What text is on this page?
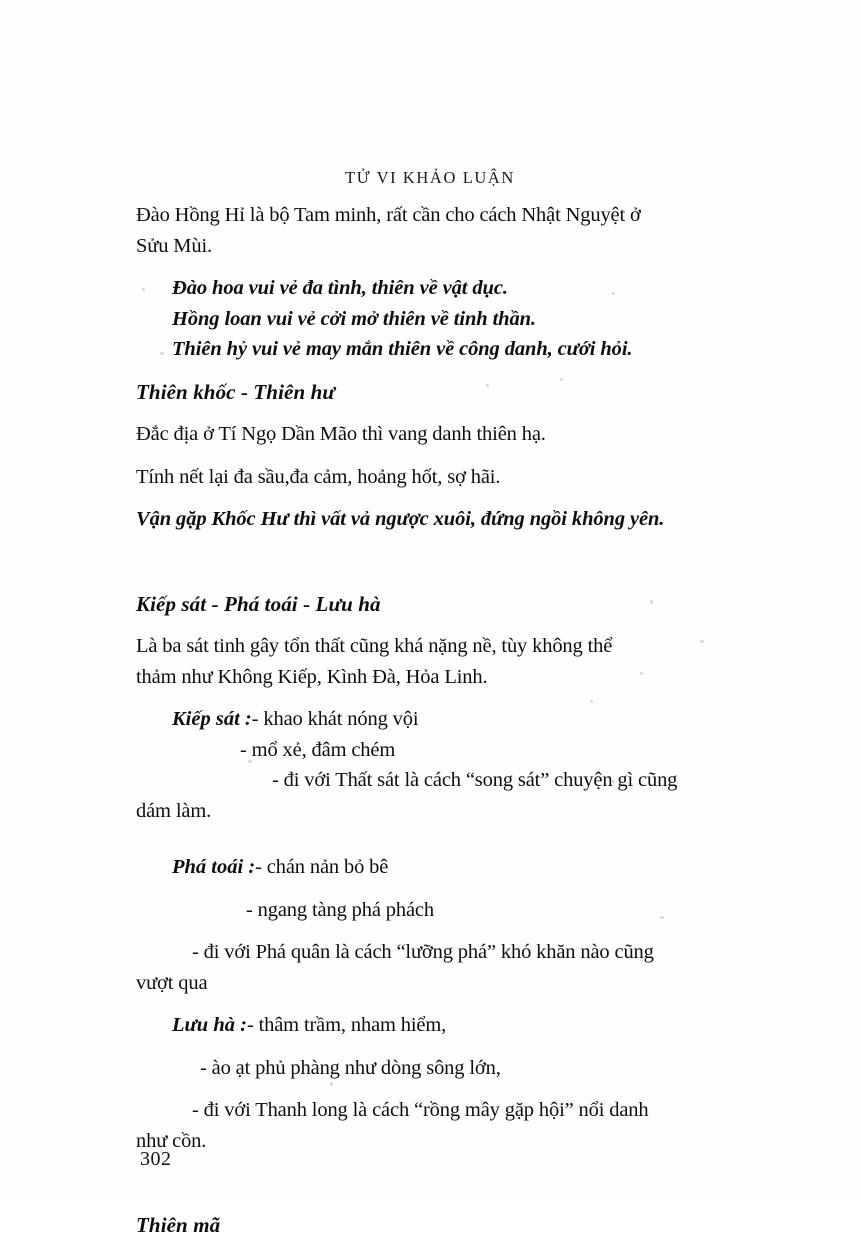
TỬ VI KHẢO LUẬN
Đào Hồng Hỉ là bộ Tam minh, rất cần cho cách Nhật Nguyệt ở
Sửu Mùi.
Đào hoa vui vẻ đa tình, thiên về vật dục.
Hồng loan vui vẻ cởi mở thiên về tinh thần.
Thiên hỷ vui vẻ may mắn thiên về công danh, cưới hỏi.
Thiên khốc - Thiên hư
Đắc địa ở Tí Ngọ Dần Mão thì vang danh thiên hạ.
Tính nết lại đa sầu,đa cảm, hoảng hốt, sợ hãi.
Vận gặp Khốc Hư thì vất vả ngược xuôi, đứng ngồi không yên.
Kiếp sát - Phá toái - Lưu hà
Là ba sát tinh gây tổn thất cũng khá nặng nề, tùy không thể
thảm như Không Kiếp, Kình Đà, Hỏa Linh.
Kiếp sát :- khao khát nóng vội
- mổ xẻ, đâm chém
- đi với Thất sát là cách “song sát” chuyện gì cũng
dám làm.
Phá toái :- chán nản bỏ bê
- ngang tàng phá phách
- đi với Phá quân là cách “lưỡng phá” khó khăn nào cũng
vượt qua
Lưu hà :- thâm trầm, nham hiểm,
- ào ạt phủ phàng như dòng sông lớn,
- đi với Thanh long là cách “rồng mây gặp hội” nổi danh
như cồn.
Thiên mã
302
